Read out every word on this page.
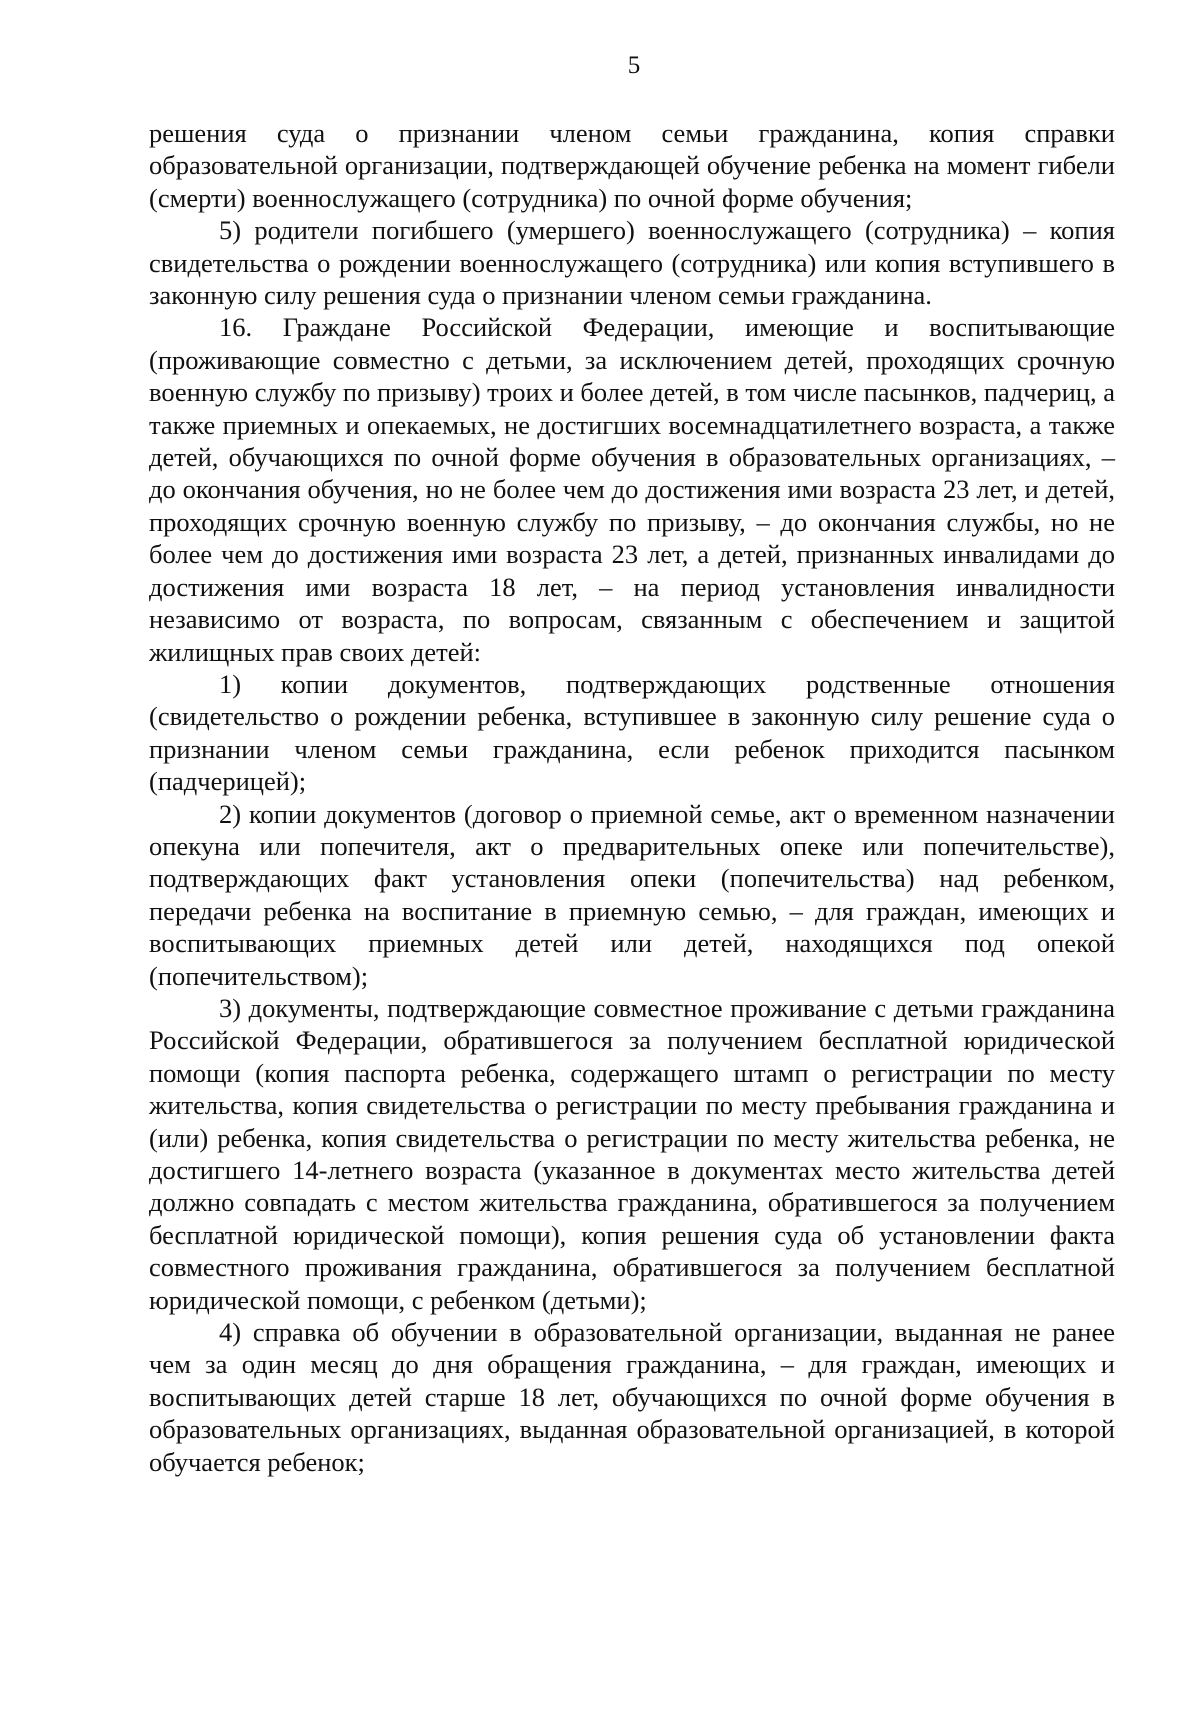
5

решения суда о признании членом семьи гражданина, копия справки образовательной организации, подтверждающей обучение ребенка на момент гибели (смерти) военнослужащего (сотрудника) по очной форме обучения;

5) родители погибшего (умершего) военнослужащего (сотрудника) – копия свидетельства о рождении военнослужащего (сотрудника) или копия вступившего в законную силу решения суда о признании членом семьи гражданина.

16. Граждане Российской Федерации, имеющие и воспитывающие (проживающие совместно с детьми, за исключением детей, проходящих срочную военную службу по призыву) троих и более детей, в том числе пасынков, падчериц, а также приемных и опекаемых, не достигших восемнадцатилетнего возраста, а также детей, обучающихся по очной форме обучения в образовательных организациях, – до окончания обучения, но не более чем до достижения ими возраста 23 лет, и детей, проходящих срочную военную службу по призыву, – до окончания службы, но не более чем до достижения ими возраста 23 лет, а детей, признанных инвалидами до достижения ими возраста 18 лет, – на период установления инвалидности независимо от возраста, по вопросам, связанным с обеспечением и защитой жилищных прав своих детей:

1) копии документов, подтверждающих родственные отношения (свидетельство о рождении ребенка, вступившее в законную силу решение суда о признании членом семьи гражданина, если ребенок приходится пасынком (падчерицей);

2) копии документов (договор о приемной семье, акт о временном назначении опекуна или попечителя, акт о предварительных опеке или попечительстве), подтверждающих факт установления опеки (попечительства) над ребенком, передачи ребенка на воспитание в приемную семью, – для граждан, имеющих и воспитывающих приемных детей или детей, находящихся под опекой (попечительством);

3) документы, подтверждающие совместное проживание с детьми гражданина Российской Федерации, обратившегося за получением бесплатной юридической помощи (копия паспорта ребенка, содержащего штамп о регистрации по месту жительства, копия свидетельства о регистрации по месту пребывания гражданина и (или) ребенка, копия свидетельства о регистрации по месту жительства ребенка, не достигшего 14-летнего возраста (указанное в документах место жительства детей должно совпадать с местом жительства гражданина, обратившегося за получением бесплатной юридической помощи), копия решения суда об установлении факта совместного проживания гражданина, обратившегося за получением бесплатной юридической помощи, с ребенком (детьми);

4) справка об обучении в образовательной организации, выданная не ранее чем за один месяц до дня обращения гражданина, – для граждан, имеющих и воспитывающих детей старше 18 лет, обучающихся по очной форме обучения в образовательных организациях, выданная образовательной организацией, в которой обучается ребенок;
